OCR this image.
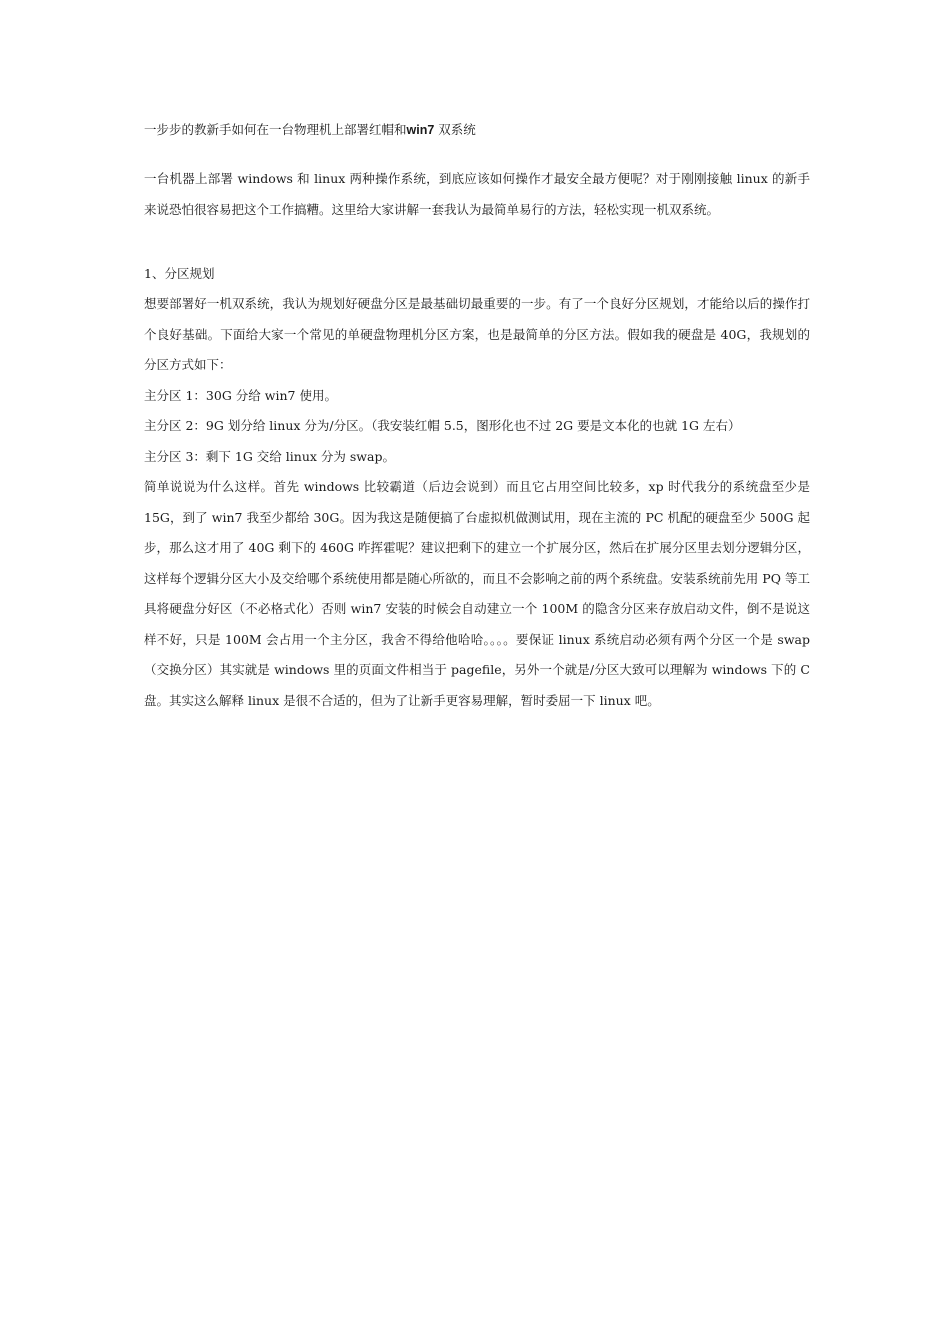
一步步的教新手如何在一台物理机上部署红帽和win7 双系统

一台机器上部署 windows 和 linux 两种操作系统，到底应该如何操作才最安全最方便呢？对于刚刚接触 linux 的新手来说恐怕很容易把这个工作搞糟。这里给大家讲解一套我认为最简单易行的方法，轻松实现一机双系统。

1、分区规划

想要部署好一机双系统，我认为规划好硬盘分区是最基础切最重要的一步。有了一个良好分区规划，才能给以后的操作打个良好基础。下面给大家一个常见的单硬盘物理机分区方案，也是最简单的分区方法。假如我的硬盘是 40G，我规划的分区方式如下：

主分区 1：30G 分给 win7 使用。

主分区 2：9G 划分给 linux 分为/分区。（我安装红帽 5.5，图形化也不过 2G 要是文本化的也就 1G 左右）

主分区 3：剩下 1G 交给 linux 分为 swap。

简单说说为什么这样。首先 windows 比较霸道（后边会说到）而且它占用空间比较多，xp 时代我分的系统盘至少是 15G，到了 win7 我至少都给 30G。因为我这是随便搞了台虚拟机做测试用，现在主流的 PC 机配的硬盘至少 500G 起步，那么这才用了 40G 剩下的 460G 咋挥霍呢？建议把剩下的建立一个扩展分区，然后在扩展分区里去划分逻辑分区，这样每个逻辑分区大小及交给哪个系统使用都是随心所欲的，而且不会影响之前的两个系统盘。安装系统前先用 PQ 等工具将硬盘分好区（不必格式化）否则 win7 安装的时候会自动建立一个 100M 的隐含分区来存放启动文件，倒不是说这样不好，只是 100M 会占用一个主分区，我舍不得给他哈哈。。。。要保证 linux 系统启动必须有两个分区一个是 swap（交换分区）其实就是 windows 里的页面文件相当于 pagefile，另外一个就是/分区大致可以理解为 windows 下的 C 盘。其实这么解释 linux 是很不合适的，但为了让新手更容易理解，暂时委屈一下 linux 吧。
